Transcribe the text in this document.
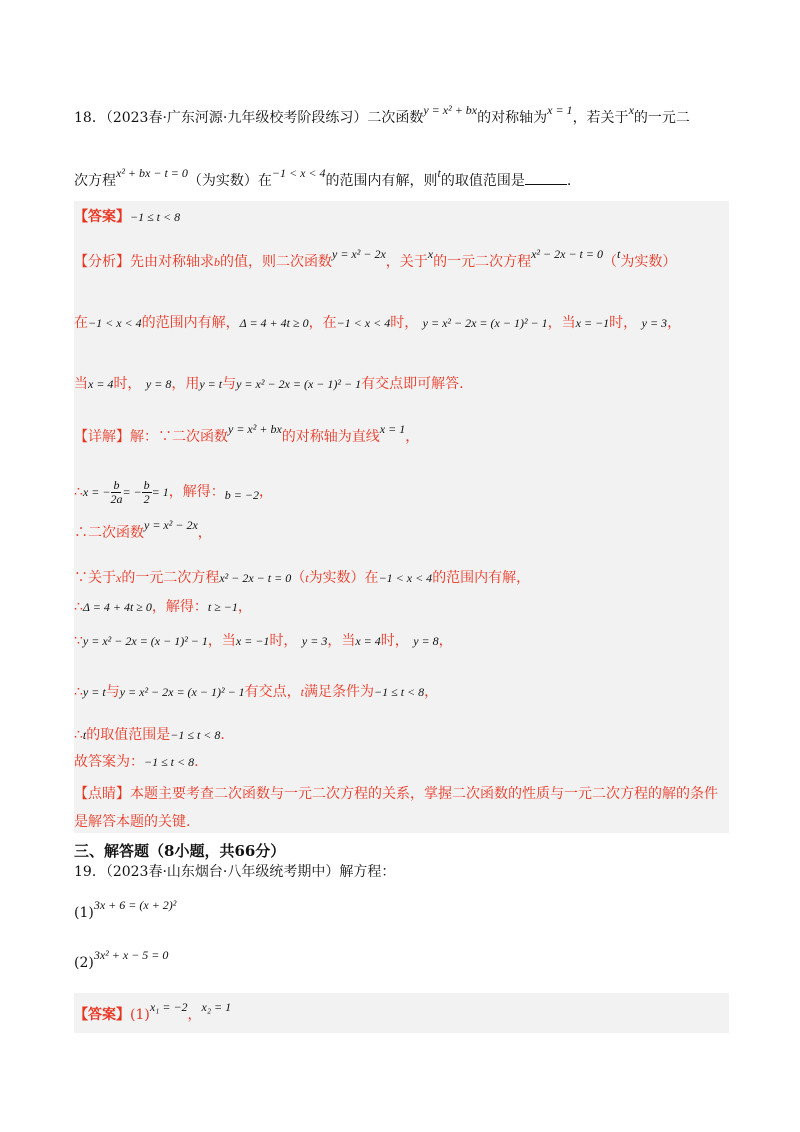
18．（2023春·广东河源·九年级校考阶段练习）二次函数y = x² + bx的对称轴为x = 1，若关于x的一元二
次方程x² + bx − t = 0（为实数）在−1 < x < 4的范围内有解，则t的取值范围是	.
【答案】−1 ≤ t < 8
【分析】先由对称轴求b的值，则二次函数y = x² − 2x，关于x的一元二次方程x² − 2x − t = 0（t为实数）
在−1 < x < 4的范围内有解，Δ = 4 + 4t ≥ 0，在−1 < x < 4时， y = x² − 2x = (x − 1)² − 1，当x = −1时， y = 3，
当x = 4时， y = 8，用y = t与y = x² − 2x = (x − 1)² − 1有交点即可解答.
【详解】解：∵二次函数y = x² + bx的对称轴为直线x = 1，
∴x = − $\frac{b}{2a}$ = − $\frac{b}{2} = 1$，解得：b = −2，
∴二次函数y = x² − 2x，
∵关于x的一元二次方程x² − 2x − t = 0（t为实数）在−1 < x < 4的范围内有解，
∴Δ = 4 + 4t ≥ 0，解得：t ≥ −1，
∵y = x² − 2x = (x − 1)² − 1，当x = −1时， y = 3，当x = 4时， y = 8，
∴y = t与y = x² − 2x = (x − 1)² − 1有交点，t满足条件为−1 ≤ t < 8，
∴t的取值范围是−1 ≤ t < 8.
故答案为：−1 ≤ t < 8.
【点睛】本题主要考查二次函数与一元二次方程的关系，掌握二次函数的性质与一元二次方程的解的条件
是解答本题的关键.
三、解答题（8小题，共66分）
19．（2023春·山东烟台·八年级统考期中）解方程：
(1)3x + 6 = (x + 2)²
(2)3x² + x − 5 = 0
【答案】(1)x₁ = −2，x₂ = 1
